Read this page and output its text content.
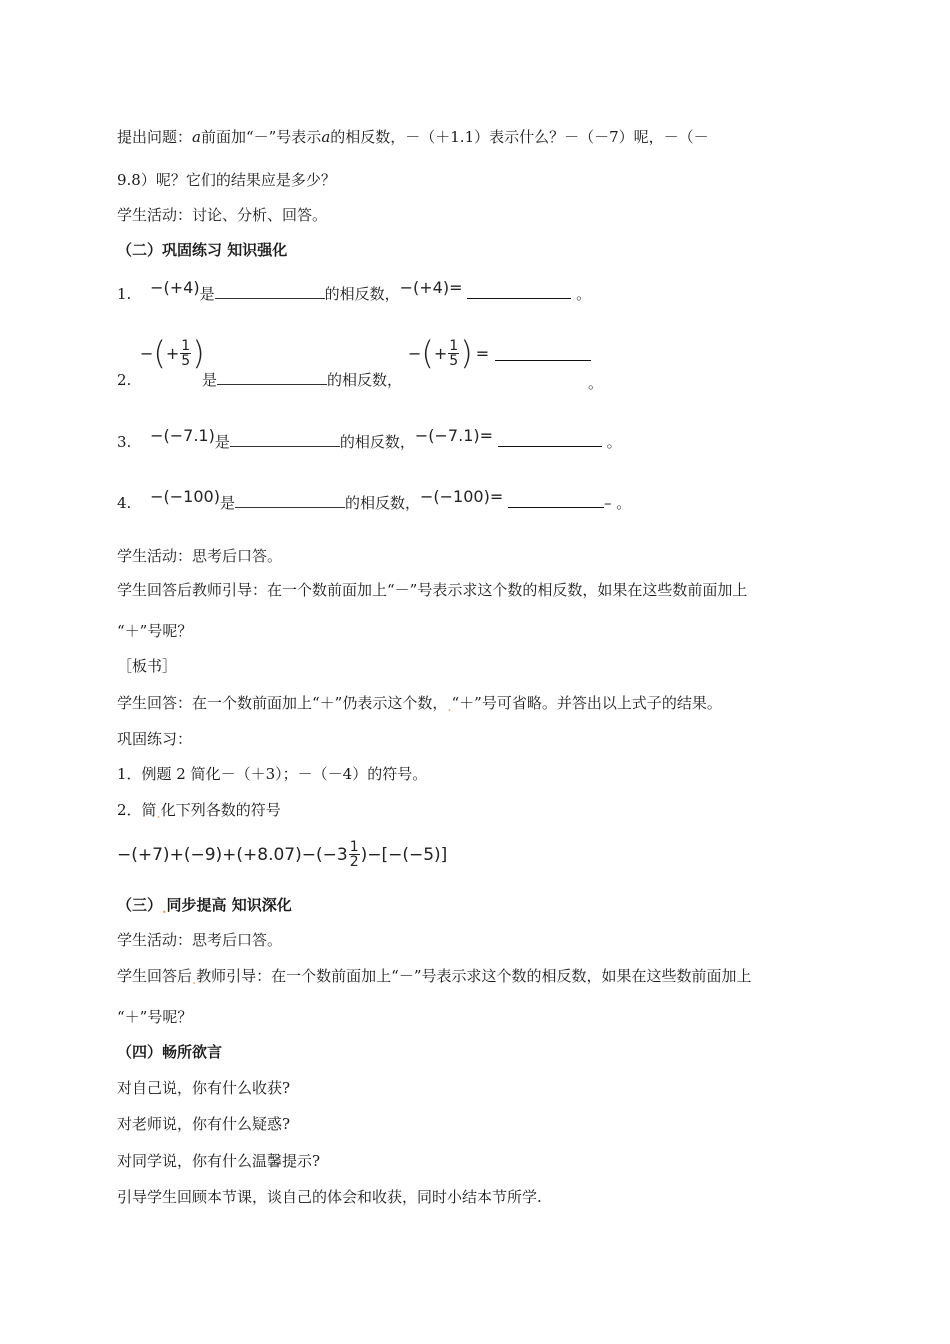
提出问题：a前面加“－”号表示a的相反数，－（＋1.1）表示什么？－（－7）呢，－（－
9.8）呢？它们的结果应是多少？
学生活动：讨论、分析、回答。
（二）巩固练习 知识强化
1. −(+4)是	的相反数，−(+4)=	。
2.
− ( + $\frac{1}{5}$ )
是	的相反数，
− ( + $\frac{1}{5}$ ) =
。
3. −(−7.1)是	的相反数，−(−7.1)=	。
4. −(−100)是	的相反数，−(−100)=	– 。
学生活动：思考后口答。
学生回答后教师引导：在一个数前面加上“－”号表示求这个数的相反数，如果在这些数前面加上
“＋”号呢？
［板书］
学生回答：在一个数前面加上“＋”仍表示这个数，.“＋”号可省略。并答出以上式子的结果。
巩固练习：
1．例题 2 简化－（＋3）；－（－4）的符号。
2．简.化下列各数的符号
$-(+7)+(-9)+(+8.07)-(-3 \frac{1}{2} )-[-(-5)]$
（三）.同步提高 知识深化
学生活动：思考后口答。
学生回答后.教师引导：在一个数前面加上“－”号表示求这个数的相反数，如果在这些数前面加上
“＋”号呢？
（四）畅所欲言
对自己说，你有什么收获?
对老师说，你有什么疑惑?
对同学说，你有什么温馨提示?
引导学生回顾本节课，谈自己的体会和收获，同时小结本节所学.
